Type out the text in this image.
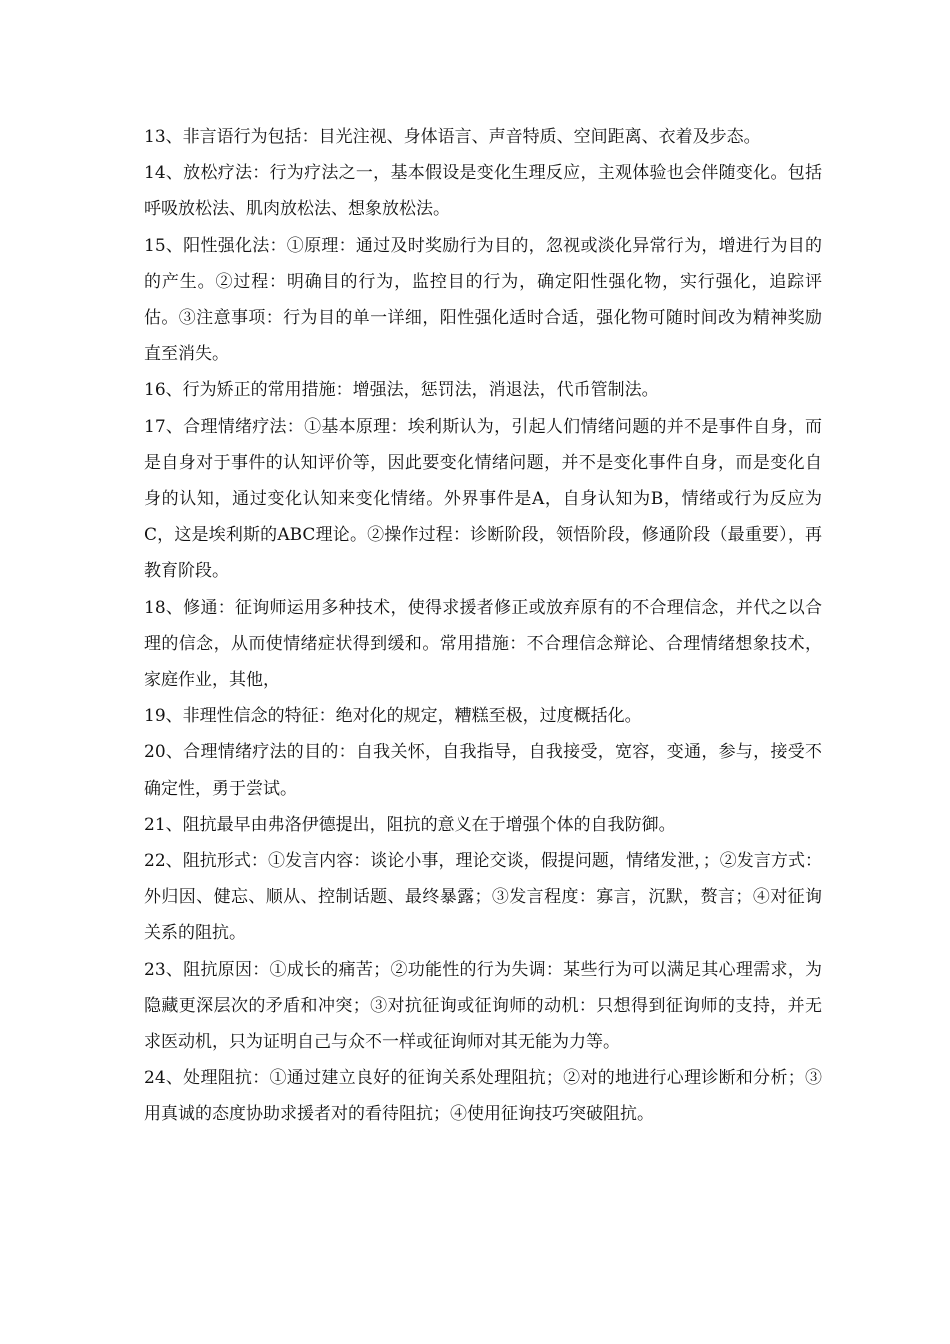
13、非言语行为包括：目光注视、身体语言、声音特质、空间距离、衣着及步态。

14、放松疗法：行为疗法之一，基本假设是变化生理反应，主观体验也会伴随变化。包括呼吸放松法、肌肉放松法、想象放松法。

15、阳性强化法：①原理：通过及时奖励行为目的，忽视或淡化异常行为，增进行为目的的产生。②过程：明确目的行为，监控目的行为，确定阳性强化物，实行强化，追踪评估。③注意事项：行为目的单一详细，阳性强化适时合适，强化物可随时间改为精神奖励直至消失。

16、行为矫正的常用措施：增强法，惩罚法，消退法，代币管制法。

17、合理情绪疗法：①基本原理：埃利斯认为，引起人们情绪问题的并不是事件自身，而是自身对于事件的认知评价等，因此要变化情绪问题，并不是变化事件自身，而是变化自身的认知，通过变化认知来变化情绪。外界事件是A，自身认知为B，情绪或行为反应为C，这是埃利斯的ABC理论。②操作过程：诊断阶段，领悟阶段，修通阶段（最重要），再教育阶段。

18、修通：征询师运用多种技术，使得求援者修正或放弃原有的不合理信念，并代之以合理的信念，从而使情绪症状得到缓和。常用措施：不合理信念辩论、合理情绪想象技术，家庭作业，其他，

19、非理性信念的特征：绝对化的规定，糟糕至极，过度概括化。

20、合理情绪疗法的目的：自我关怀，自我指导，自我接受，宽容，变通，参与，接受不确定性，勇于尝试。

21、阻抗最早由弗洛伊德提出，阻抗的意义在于增强个体的自我防御。

22、阻抗形式：①发言内容：谈论小事，理论交谈，假提问题，情绪发泄，；②发言方式：外归因、健忘、顺从、控制话题、最终暴露；③发言程度：寡言，沉默，赘言；④对征询关系的阻抗。

23、阻抗原因：①成长的痛苦；②功能性的行为失调：某些行为可以满足其心理需求，为隐藏更深层次的矛盾和冲突；③对抗征询或征询师的动机：只想得到征询师的支持，并无求医动机，只为证明自己与众不一样或征询师对其无能为力等。

24、处理阻抗：①通过建立良好的征询关系处理阻抗；②对的地进行心理诊断和分析；③用真诚的态度协助求援者对的看待阻抗；④使用征询技巧突破阻抗。
